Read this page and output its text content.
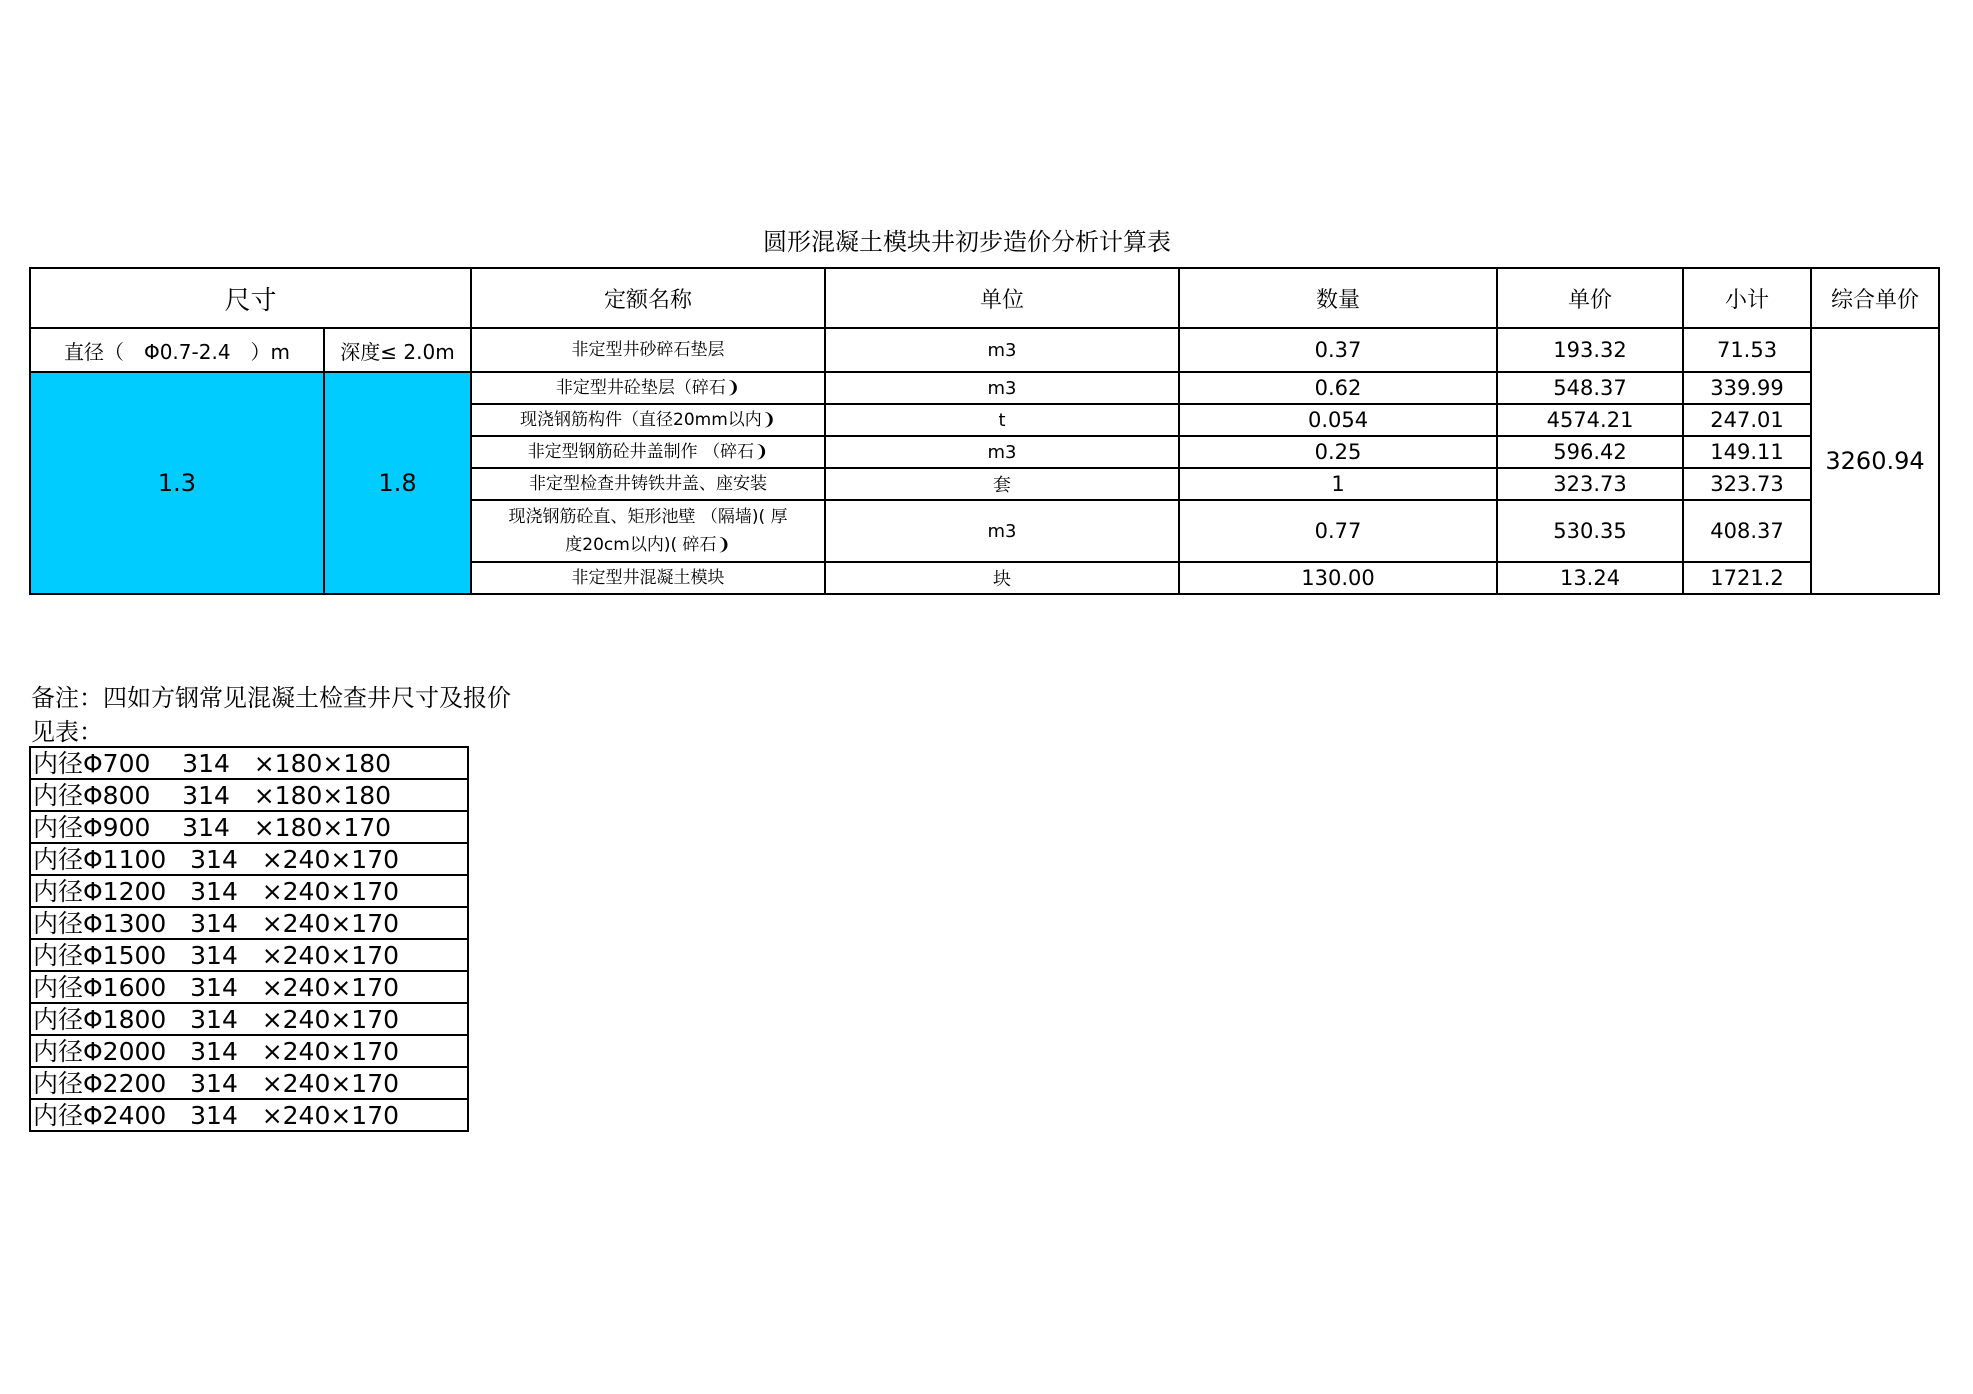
圆形混凝土模块井初步造价分析计算表
尺寸		定额名称	单位	数量	单价	小计	综合单价
直径（　Φ0.7-2.4　）m	深度≤ 2.0m	非定型井砂碎石垫层	m3	0.37	193.32	71.53	3260.94
1.3	1.8	非定型井砼垫层（碎石❩	m3	0.62	548.37	339.99	
		现浇钢筋构件（直径20mm以内❩	t	0.054	4574.21	247.01	
		非定型钢筋砼井盖制作 （碎石❩	m3	0.25	596.42	149.11	
		非定型检查井铸铁井盖、座安装	套	1	323.73	323.73	

		现浇钢筋砼直、矩形池壁 （隔墙)( 厚
度20cm以内)( 碎石❩	m3	0.77	530.35	408.37	
		非定型井混凝土模块	块	130.00	13.24	1721.2	
备注：四如方钢常见混凝土检查井尺寸及报价
见表：
内径Φ700    314   ×180×180
内径Φ800    314   ×180×180
内径Φ900    314   ×180×170
内径Φ1100   314   ×240×170
内径Φ1200   314   ×240×170
内径Φ1300   314   ×240×170
内径Φ1500   314   ×240×170
内径Φ1600   314   ×240×170
内径Φ1800   314   ×240×170
内径Φ2000   314   ×240×170
内径Φ2200   314   ×240×170
内径Φ2400   314   ×240×170
